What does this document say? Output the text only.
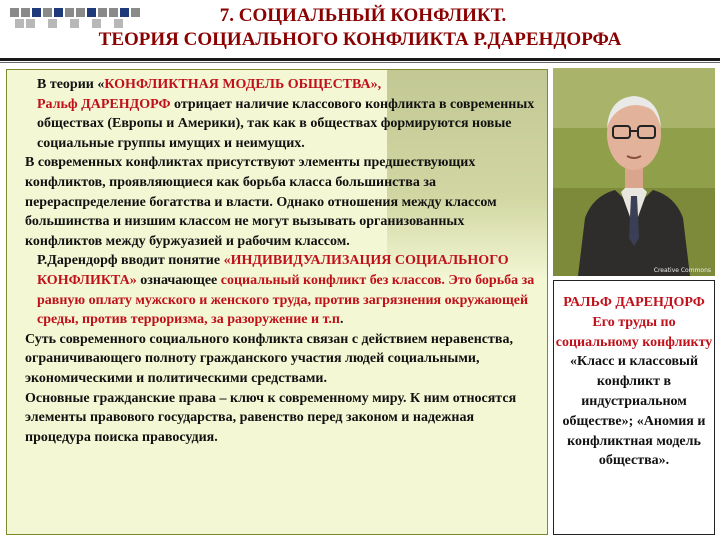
7. СОЦИАЛЬНЫЙ КОНФЛИКТ.
ТЕОРИЯ СОЦИАЛЬНОГО КОНФЛИКТА Р.ДАРЕНДОРФА

В теории «КОНФЛИКТНАЯ МОДЕЛЬ ОБЩЕСТВА»,
Ральф ДАРЕНДОРФ отрицает наличие классового конфликта в современных обществах (Европы и Америки), так как в обществах формируются новые социальные группы имущих и неимущих.

В современных конфликтах присутствуют элементы предшествующих конфликтов, проявляющиеся как борьба класса большинства за перераспределение богатства и власти. Однако отношения между классом большинства и низшим классом не могут вызывать организованных конфликтов между буржуазией и рабочим классом.

Р.Дарендорф вводит понятие «ИНДИВИДУАЛИЗАЦИЯ СОЦИАЛЬНОГО КОНФЛИКТА» означающее социальный конфликт без классов. Это борьба за равную оплату мужского и женского труда, против загрязнения окружающей среды, против терроризма, за разоружение и т.п.

Суть современного социального конфликта связан с действием неравенства, ограничивающего полноту гражданского участия людей социальными, экономическими и политическими средствами.

Основные гражданские права – ключ к современному миру. К ним относятся элементы правового государства, равенство перед законом и надежная процедура поиска правосудия.

Creative Commons
РАЛЬФ ДАРЕНДОРФ Его труды по социальному конфликту
«Класс и классовый конфликт в индустриальном обществе»; «Аномия и конфликтная модель общества».
